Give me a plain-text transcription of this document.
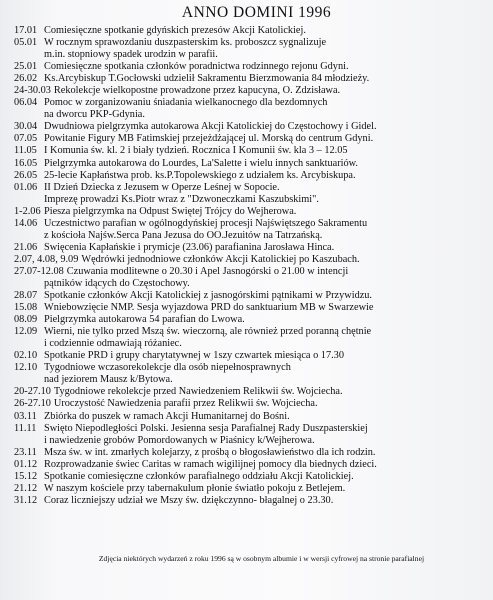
ANNO DOMINI 1996
17.01 Comiesięczne spotkanie gdyńskich prezesów Akcji Katolickiej.
05.01 W rocznym sprawozdaniu duszpasterskim ks. proboszcz sygnalizuje
m.in. stopniowy spadek urodzin w parafii.
25.01 Comiesięczne spotkania członków poradnictwa rodzinnego rejonu Gdyni.
26.02 Ks.Arcybiskup T.Gocłowski udzielił Sakramentu Bierzmowania 84 młodzieży.
24-30.03 Rekolekcje wielkopostne prowadzone przez kapucyna, O. Zdzisława.
06.04 Pomoc w zorganizowaniu śniadania wielkanocnego dla bezdomnych
na dworcu PKP-Gdynia.
30.04 Dwudniowa pielgrzymka autokarowa Akcji Katolickiej do Częstochowy i Gidel.
07.05 Powitanie Figury MB Fatimskiej przejeżdżającej ul. Morską do centrum Gdyni.
11.05 I Komunia św. kl. 2 i biały tydzień. Rocznica I Komunii św. kla 3 – 12.05
16.05 Pielgrzymka autokarowa do Lourdes, La'Salette i wielu innych sanktuariów.
26.05 25-lecie Kapłaństwa prob. ks.P.Topolewskiego z udziałem ks. Arcybiskupa.
01.06 II Dzień Dziecka z Jezusem w Operze Leśnej w Sopocie.
Imprezę prowadzi Ks.Piotr wraz z "Dzwoneczkami Kaszubskimi".
1-2.06 Piesza pielgrzymka na Odpust Świętej Trójcy do Wejherowa.
14.06 Uczestnictwo parafian w ogólnogdyńskiej procesji Najświętszego Sakramentu
z kościoła Najśw.Serca Pana Jezusa do OO.Jezuitów na Tatrzańską.
21.06 Święcenia Kapłańskie i prymicje (23.06) parafianina Jarosława Hinca.
2.07, 4.08, 9.09 Wędrówki jednodniowe członków Akcji Katolickiej po Kaszubach.
27.07-12.08 Czuwania modlitewne o 20.30 i Apel Jasnogórski o 21.00 w intencji
pątników idących do Częstochowy.
28.07 Spotkanie członków Akcji Katolickiej z jasnogórskimi pątnikami w Przywidzu.
15.08 Wniebowzięcie NMP. Sesja wyjazdowa PRD do sanktuarium MB w Swarzewie
08.09 Pielgrzymka autokarowa 54 parafian do Lwowa.
12.09 Wierni, nie tylko przed Mszą św. wieczorną, ale również przed poranną chętnie
i codziennie odmawiają różaniec.
02.10 Spotkanie PRD i grupy charytatywnej w 1szy czwartek miesiąca o 17.30
12.10 Tygodniowe wczasorekolekcje dla osób niepełnosprawnych
nad jeziorem Mausz k/Bytowa.
20-27.10 Tygodniowe rekolekcje przed Nawiedzeniem Relikwii św. Wojciecha.
26-27.10 Uroczystość Nawiedzenia parafii przez Relikwii św. Wojciecha.
03.11 Zbiórka do puszek w ramach Akcji Humanitarnej do Bośni.
11.11 Święto Niepodległości Polski. Jesienna sesja Parafialnej Rady Duszpasterskiej
i nawiedzenie grobów Pomordowanych w Piaśnicy k/Wejherowa.
23.11 Msza św. w int. zmarłych kolejarzy, z prośbą o błogosławieństwo dla ich rodzin.
01.12 Rozprowadzanie świec Caritas w ramach wigilijnej pomocy dla biednych dzieci.
15.12 Spotkanie comiesięczne członków parafialnego oddziału Akcji Katolickiej.
21.12 W naszym kościele przy tabernakulum płonie światło pokoju z Betlejem.
31.12 Coraz liczniejszy udział we Mszy św. dziękczynno- błagalnej o 23.30.
Zdjęcia niektórych wydarzeń z roku 1996 są w osobnym albumie i w wersji cyfrowej na stronie parafialnej
